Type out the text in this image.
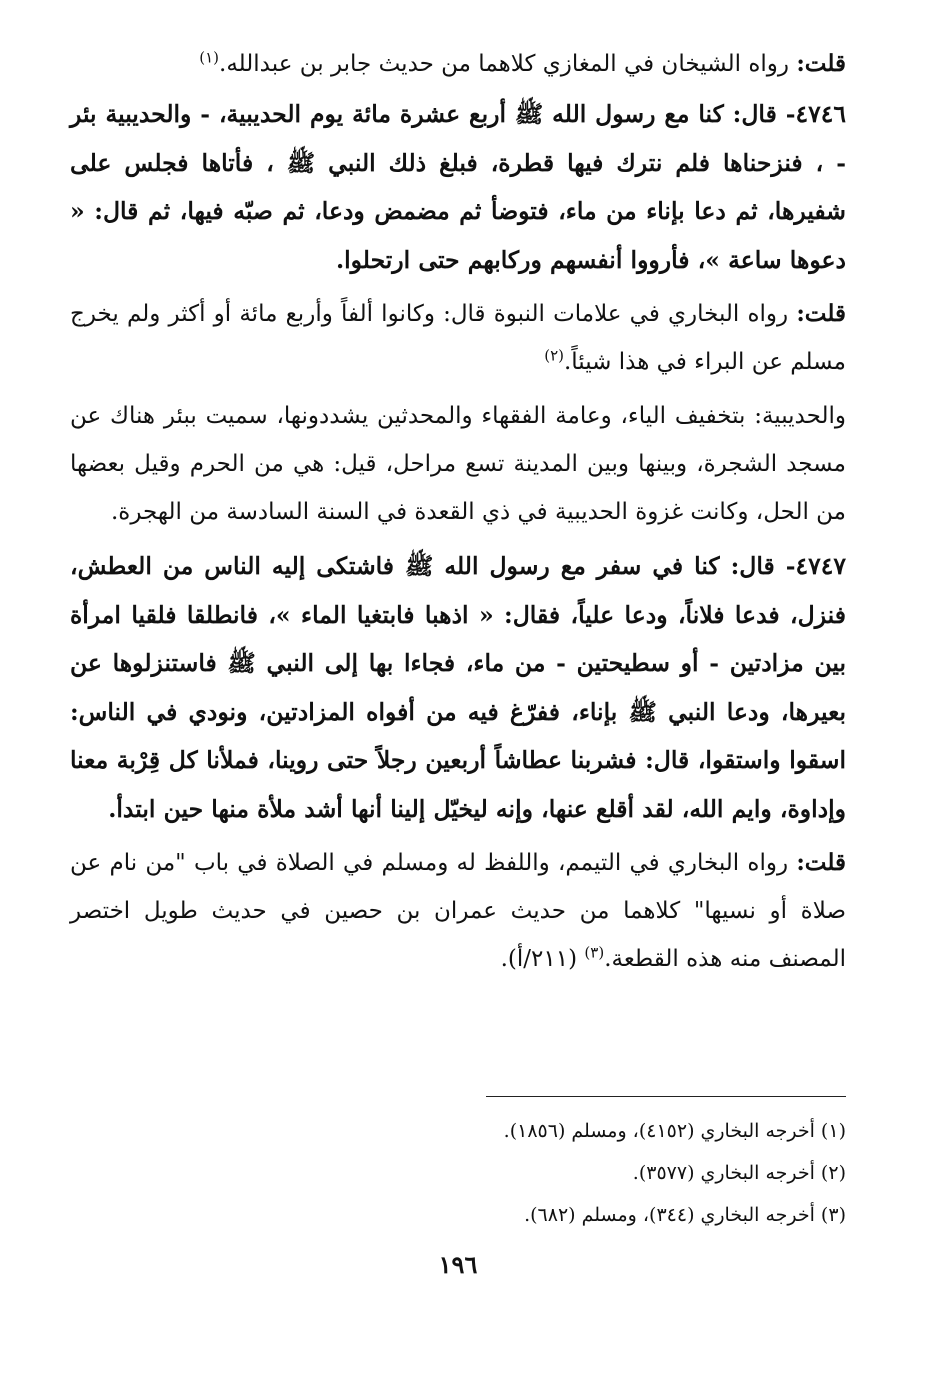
قلت: رواه الشيخان في المغازي كلاهما من حديث جابر بن عبدالله.$^{(١)}$
٤٧٤٦- قال: كنا مع رسول الله ﷺ أربع عشرة مائة يوم الحديبية، - والحديبية بئر - ، فنزحناها فلم نترك فيها قطرة، فبلغ ذلك النبي ﷺ ، فأتاها فجلس على شفيرها، ثم دعا بإناء من ماء، فتوضأ ثم مضمض ودعا، ثم صبّه فيها، ثم قال: « دعوها ساعة »، فأرووا أنفسهم وركابهم حتى ارتحلوا.
قلت: رواه البخاري في علامات النبوة قال: وكانوا ألفاً وأربع مائة أو أكثر ولم يخرج مسلم عن البراء في هذا شيئاً.$^{(٢)}$
والحديبية: بتخفيف الياء، وعامة الفقهاء والمحدثين يشددونها، سميت ببئر هناك عن مسجد الشجرة، وبينها وبين المدينة تسع مراحل، قيل: هي من الحرم وقيل بعضها من الحل، وكانت غزوة الحديبية في ذي القعدة في السنة السادسة من الهجرة.
٤٧٤٧- قال: كنا في سفر مع رسول الله ﷺ فاشتكى إليه الناس من العطش، فنزل، فدعا فلاناً، ودعا علياً، فقال: « اذهبا فابتغيا الماء »، فانطلقا فلقيا امرأة بين مزادتين - أو سطيحتين - من ماء، فجاءا بها إلى النبي ﷺ فاستنزلوها عن بعيرها، ودعا النبي ﷺ بإناء، ففرّغ فيه من أفواه المزادتين، ونودي في الناس: اسقوا واستقوا، قال: فشربنا عطاشاً أربعين رجلاً حتى روينا، فملأنا كل قِرْبة معنا وإداوة، وايم الله، لقد أقلع عنها، وإنه ليخيّل إلينا أنها أشد ملأة منها حين ابتدأ.
قلت: رواه البخاري في التيمم، واللفظ له ومسلم في الصلاة في باب "من نام عن صلاة أو نسيها" كلاهما من حديث عمران بن حصين في حديث طويل اختصر المصنف منه هذه القطعة.$^{(٣)}$ (٢١١/أ).
(١) أخرجه البخاري (٤١٥٢)، ومسلم (١٨٥٦).
(٢) أخرجه البخاري (٣٥٧٧).
(٣) أخرجه البخاري (٣٤٤)، ومسلم (٦٨٢).
١٩٦
